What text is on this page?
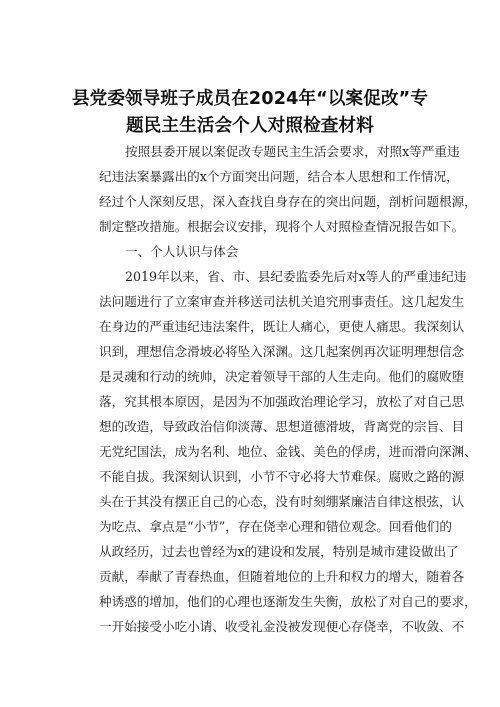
县党委领导班子成员在2024年“以案促改”专
题民主生活会个人对照检查材料
按照县委开展以案促改专题民主生活会要求，对照x等严重违
纪违法案暴露出的x个方面突出问题，结合本人思想和工作情况，
经过个人深刻反思，深入查找自身存在的突出问题，剖析问题根源，
制定整改措施。根据会议安排，现将个人对照检查情况报告如下。
一、个人认识与体会
2019年以来，省、市、县纪委监委先后对x等人的严重违纪违
法问题进行了立案审查并移送司法机关追究刑事责任。这几起发生
在身边的严重违纪违法案件，既让人痛心，更使人痛思。我深刻认
识到，理想信念滑坡必将坠入深渊。这几起案例再次证明理想信念
是灵魂和行动的统帅，决定着领导干部的人生走向。他们的腐败堕
落，究其根本原因，是因为不加强政治理论学习，放松了对自己思
想的改造，导致政治信仰淡薄、思想道德滑坡，背离党的宗旨、目
无党纪国法，成为名利、地位、金钱、美色的俘虏，进而滑向深渊、
不能自拔。我深刻认识到，小节不守必将大节难保。腐败之路的源
头在于其没有摆正自己的心态，没有时刻绷紧廉洁自律这根弦，认
为吃点、拿点是“小节”，存在侥幸心理和错位观念。回看他们的
从政经历，过去也曾经为x的建设和发展，特别是城市建设做出了
贡献，奉献了青春热血，但随着地位的上升和权力的增大，随着各
种诱惑的增加，他们的心理也逐渐发生失衡，放松了对自己的要求，
一开始接受小吃小请、收受礼金没被发现便心存侥幸，不收敛、不
